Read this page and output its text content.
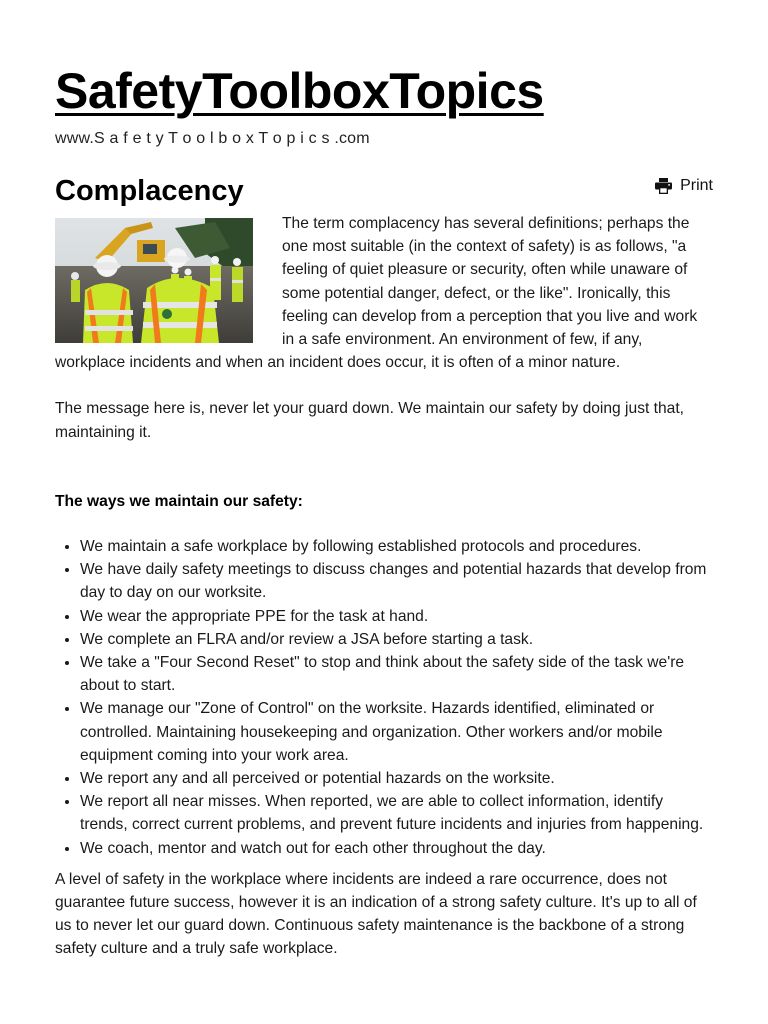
SafetyToolboxTopics
www.S a f e t y T o o l b o x T o p i c s .com
Complacency	Print

The term complacency has several definitions; perhaps the one most suitable (in the context of safety) is as follows, "a feeling of quiet pleasure or security, often while unaware of some potential danger, defect, or the like". Ironically, this feeling can develop from a perception that you live and work in a safe environment. An environment of few, if any, workplace incidents and when an incident does occur, it is often of a minor nature.

The message here is, never let your guard down. We maintain our safety by doing just that, maintaining it.

The ways we maintain our safety:

• We maintain a safe workplace by following established protocols and procedures.
• We have daily safety meetings to discuss changes and potential hazards that develop from day to day on our worksite.
• We wear the appropriate PPE for the task at hand.
• We complete an FLRA and/or review a JSA before starting a task.
• We take a "Four Second Reset" to stop and think about the safety side of the task we're about to start.
• We manage our "Zone of Control" on the worksite. Hazards identified, eliminated or controlled. Maintaining housekeeping and organization. Other workers and/or mobile equipment coming into your work area.
• We report any and all perceived or potential hazards on the worksite.
• We report all near misses. When reported, we are able to collect information, identify trends, correct current problems, and prevent future incidents and injuries from happening.
• We coach, mentor and watch out for each other throughout the day.

A level of safety in the workplace where incidents are indeed a rare occurrence, does not guarantee future success, however it is an indication of a strong safety culture. It's up to all of us to never let our guard down. Continuous safety maintenance is the backbone of a strong safety culture and a truly safe workplace.
